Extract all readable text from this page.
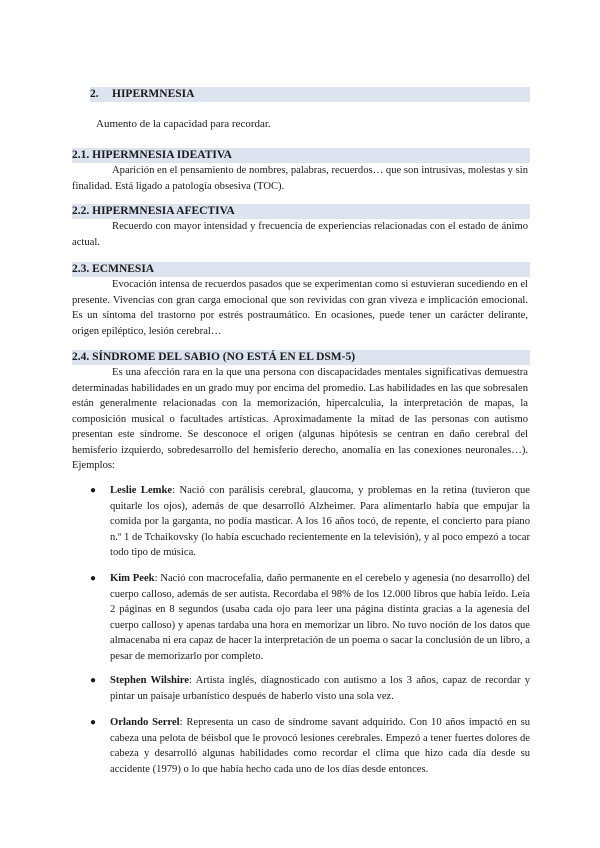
2. HIPERMNESIA
Aumento de la capacidad para recordar.
2.1. HIPERMNESIA IDEATIVA
Aparición en el pensamiento de nombres, palabras, recuerdos… que son intrusivas, molestas y sin finalidad. Está ligado a patología obsesiva (TOC).
2.2. HIPERMNESIA AFECTIVA
Recuerdo con mayor intensidad y frecuencia de experiencias relacionadas con el estado de ánimo actual.
2.3. ECMNESIA
Evocación intensa de recuerdos pasados que se experimentan como si estuvieran sucediendo en el presente. Vivencias con gran carga emocional que son revividas con gran viveza e implicación emocional. Es un síntoma del trastorno por estrés postraumático. En ocasiones, puede tener un carácter delirante, origen epiléptico, lesión cerebral…
2.4. SÍNDROME DEL SABIO (NO ESTÁ EN EL DSM-5)
Es una afección rara en la que una persona con discapacidades mentales significativas demuestra determinadas habilidades en un grado muy por encima del promedio. Las habilidades en las que sobresalen están generalmente relacionadas con la memorización, hipercalculia, la interpretación de mapas, la composición musical o facultades artísticas. Aproximadamente la mitad de las personas con autismo presentan este síndrome. Se desconoce el origen (algunas hipótesis se centran en daño cerebral del hemisferio izquierdo, sobredesarrollo del hemisferio derecho, anomalía en las conexiones neuronales…). Ejemplos:
● Leslie Lemke: Nació con parálisis cerebral, glaucoma, y problemas en la retina (tuvieron que quitarle los ojos), además de que desarrolló Alzheimer. Para alimentarlo había que empujar la comida por la garganta, no podía masticar. A los 16 años tocó, de repente, el concierto para piano n.º 1 de Tchaikovsky (lo había escuchado recientemente en la televisión), y al poco empezó a tocar todo tipo de música.
● Kim Peek: Nació con macrocefalia, daño permanente en el cerebelo y agenesia (no desarrollo) del cuerpo calloso, además de ser autista. Recordaba el 98% de los 12.000 libros que había leído. Leía 2 páginas en 8 segundos (usaba cada ojo para leer una página distinta gracias a la agenesia del cuerpo calloso) y apenas tardaba una hora en memorizar un libro. No tuvo noción de los datos que almacenaba ni era capaz de hacer la interpretación de un poema o sacar la conclusión de un libro, a pesar de memorizarlo por completo.
● Stephen Wilshire: Artista inglés, diagnosticado con autismo a los 3 años, capaz de recordar y pintar un paisaje urbanístico después de haberlo visto una sola vez.
● Orlando Serrel: Representa un caso de síndrome savant adquirido. Con 10 años impactó en su cabeza una pelota de béisbol que le provocó lesiones cerebrales. Empezó a tener fuertes dolores de cabeza y desarrolló algunas habilidades como recordar el clima que hizo cada día desde su accidente (1979) o lo que había hecho cada uno de los días desde entonces.
